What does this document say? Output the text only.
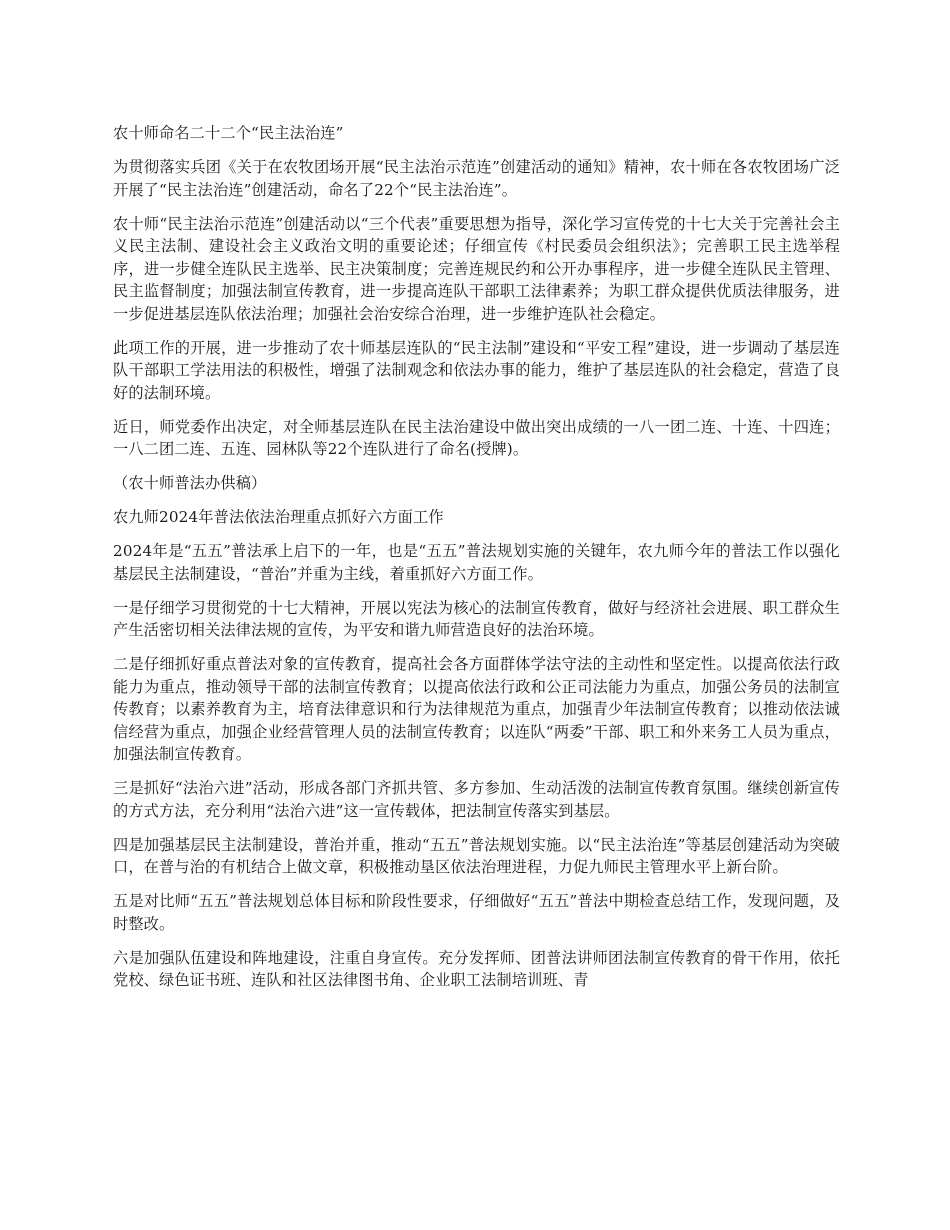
农十师命名二十二个“民主法治连”

为贯彻落实兵团《关于在农牧团场开展“民主法治示范连”创建活动的通知》精神，农十师在各农牧团场广泛开展了“民主法治连”创建活动，命名了22个“民主法治连”。

农十师“民主法治示范连”创建活动以“三个代表”重要思想为指导，深化学习宣传党的十七大关于完善社会主义民主法制、建设社会主义政治文明的重要论述；仔细宣传《村民委员会组织法》；完善职工民主选举程序，进一步健全连队民主选举、民主决策制度；完善连规民约和公开办事程序，进一步健全连队民主管理、民主监督制度；加强法制宣传教育，进一步提高连队干部职工法律素养；为职工群众提供优质法律服务，进一步促进基层连队依法治理；加强社会治安综合治理，进一步维护连队社会稳定。

此项工作的开展，进一步推动了农十师基层连队的“民主法制”建设和“平安工程”建设，进一步调动了基层连队干部职工学法用法的积极性，增强了法制观念和依法办事的能力，维护了基层连队的社会稳定，营造了良好的法制环境。

近日，师党委作出决定，对全师基层连队在民主法治建设中做出突出成绩的一八一团二连、十连、十四连；一八二团二连、五连、园林队等22个连队进行了命名(授牌)。

（农十师普法办供稿）

农九师2024年普法依法治理重点抓好六方面工作

2024年是“五五”普法承上启下的一年，也是“五五”普法规划实施的关键年，农九师今年的普法工作以强化基层民主法制建设，“普治”并重为主线，着重抓好六方面工作。

一是仔细学习贯彻党的十七大精神，开展以宪法为核心的法制宣传教育，做好与经济社会进展、职工群众生产生活密切相关法律法规的宣传，为平安和谐九师营造良好的法治环境。

二是仔细抓好重点普法对象的宣传教育，提高社会各方面群体学法守法的主动性和坚定性。以提高依法行政能力为重点，推动领导干部的法制宣传教育；以提高依法行政和公正司法能力为重点，加强公务员的法制宣传教育；以素养教育为主，培育法律意识和行为法律规范为重点，加强青少年法制宣传教育；以推动依法诚信经营为重点，加强企业经营管理人员的法制宣传教育；以连队“两委”干部、职工和外来务工人员为重点，加强法制宣传教育。

三是抓好“法治六进”活动，形成各部门齐抓共管、多方参加、生动活泼的法制宣传教育氛围。继续创新宣传的方式方法，充分利用“法治六进”这一宣传载体，把法制宣传落实到基层。

四是加强基层民主法制建设，普治并重，推动“五五”普法规划实施。以“民主法治连”等基层创建活动为突破口，在普与治的有机结合上做文章，积极推动垦区依法治理进程，力促九师民主管理水平上新台阶。

五是对比师“五五”普法规划总体目标和阶段性要求，仔细做好“五五”普法中期检查总结工作，发现问题，及时整改。

六是加强队伍建设和阵地建设，注重自身宣传。充分发挥师、团普法讲师团法制宣传教育的骨干作用，依托党校、绿色证书班、连队和社区法律图书角、企业职工法制培训班、青
